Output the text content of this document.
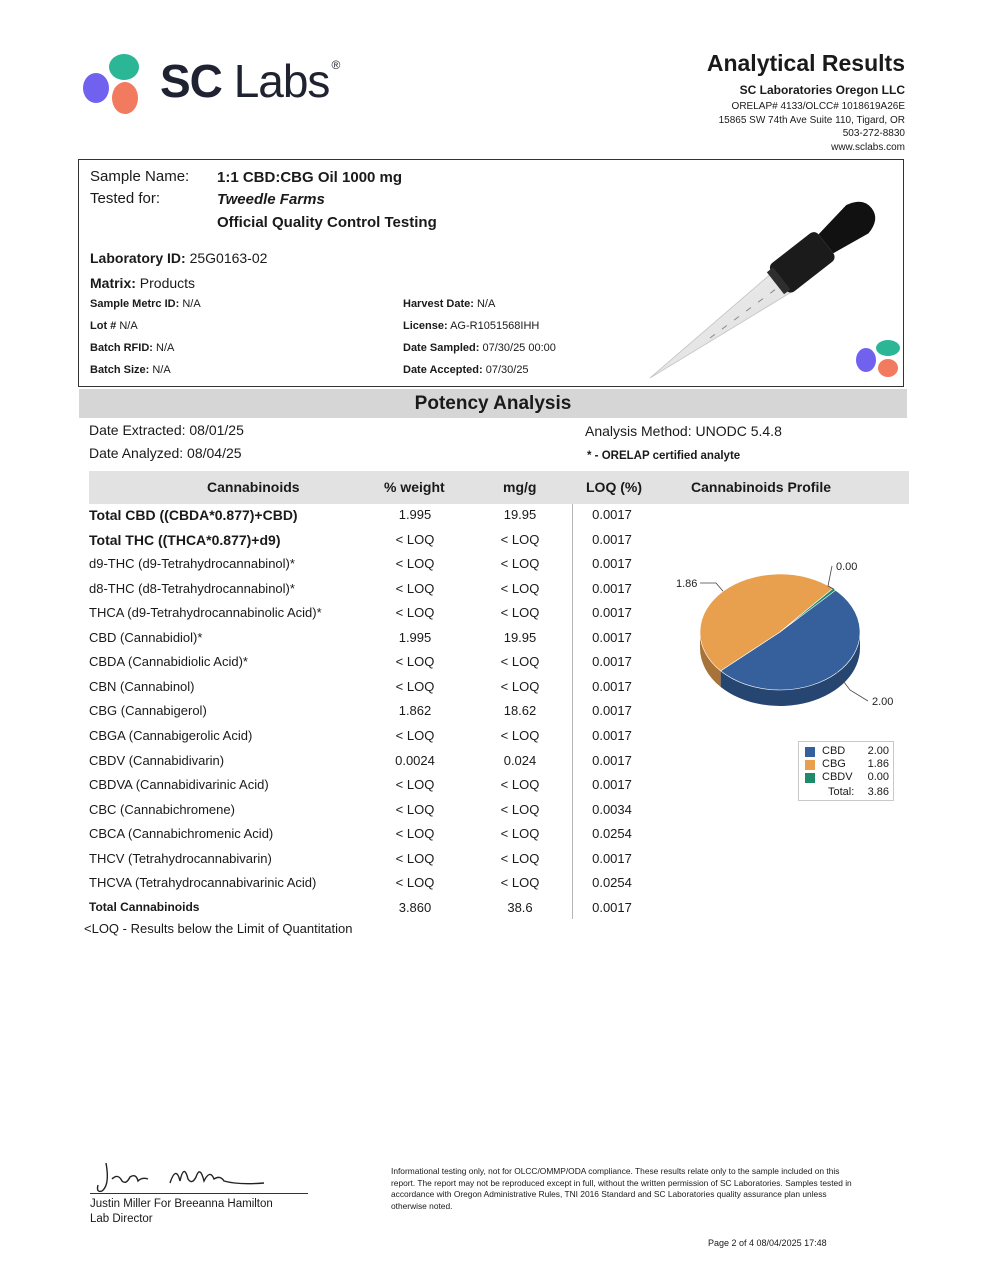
SC Labs ®	Analytical Results
SC Laboratories Oregon LLC
ORELAP# 4133/OLCC# 1018619A26E
15865 SW 74th Ave Suite 110, Tigard, OR
503-272-8830
www.sclabs.com
Sample Name: 1:1 CBD:CBG Oil 1000 mg
Tested for:	Tweedle Farms
Official Quality Control Testing
Laboratory ID: 25G0163-02
Matrix: Products
Sample Metrc ID: N/A
Lot # N/A
Batch RFID: N/A
Batch Size: N/A
Harvest Date: N/A
License: AG-R1051568IHH
Date Sampled: 07/30/25 00:00
Date Accepted: 07/30/25
Potency Analysis
Date Extracted: 08/01/25
Date Analyzed: 08/04/25
Analysis Method: UNODC 5.4.8
* - ORELAP certified analyte
Cannabinoids	% weight	mg/g	LOQ (%)	Cannabinoids Profile
Total CBD ((CBDA*0.877)+CBD)	1.995	19.95	0.0017
Total THC ((THCA*0.877)+d9)	< LOQ	< LOQ	0.0017
d9-THC (d9-Tetrahydrocannabinol)*	< LOQ	< LOQ	0.0017
d8-THC (d8-Tetrahydrocannabinol)*	< LOQ	< LOQ	0.0017
THCA (d9-Tetrahydrocannabinolic Acid)*	< LOQ	< LOQ	0.0017
CBD (Cannabidiol)*	1.995	19.95	0.0017
CBDA (Cannabidiolic Acid)*	< LOQ	< LOQ	0.0017
CBN (Cannabinol)	< LOQ	< LOQ	0.0017
CBG (Cannabigerol)	1.862	18.62	0.0017
CBGA (Cannabigerolic Acid)	< LOQ	< LOQ	0.0017
CBDV (Cannabidivarin)	0.0024	0.024	0.0017
CBDVA (Cannabidivarinic Acid)	< LOQ	< LOQ	0.0017
CBC (Cannabichromene)	< LOQ	< LOQ	0.0034
CBCA (Cannabichromenic Acid)	< LOQ	< LOQ	0.0254
THCV (Tetrahydrocannabivarin)	< LOQ	< LOQ	0.0017
THCVA (Tetrahydrocannabivarinic Acid)	< LOQ	< LOQ	0.0254
Total Cannabinoids	3.860	38.6	0.0017
2.00
1.86
0.00
CBD 2.00
CBG 1.86
CBDV 0.00
Total: 3.86
<LOQ - Results below the Limit of Quantitation
Justin Miller For Breeanna Hamilton
Lab Director
Informational testing only, not for OLCC/OMMP/ODA compliance. These results relate only to the sample included on this report. The report may not be reproduced except in full, without the written permission of SC Laboratories. Samples tested in accordance with Oregon Administrative Rules, TNI 2016 Standard and SC Laboratories quality assurance plan unless otherwise noted.
Page 2 of 4 08/04/2025 17:48
